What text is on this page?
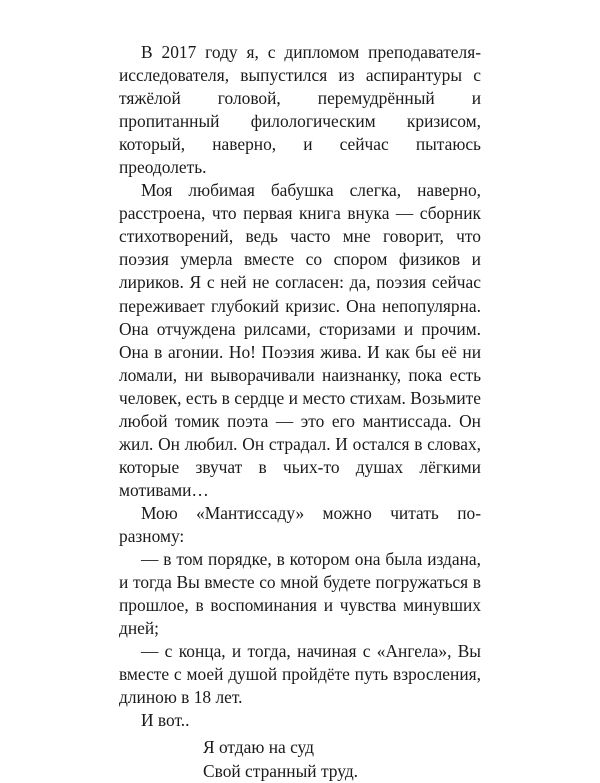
В 2017 году я, с дипломом преподавателя-исследователя, выпустился из аспирантуры с тяжёлой головой, перемудрённый и пропитанный филологическим кризисом, который, наверно, и сейчас пытаюсь преодолеть.

Моя любимая бабушка слегка, наверно, расстроена, что первая книга внука — сборник стихотворений, ведь часто мне говорит, что поэзия умерла вместе со спором физиков и лириков. Я с ней не согласен: да, поэзия сейчас переживает глубокий кризис. Она непопулярна. Она отчуждена рилсами, сторизами и прочим. Она в агонии. Но! Поэзия жива. И как бы её ни ломали, ни выворачивали наизнанку, пока есть человек, есть в сердце и место стихам. Возьмите любой томик поэта — это его мантиссада. Он жил. Он любил. Он страдал. И остался в словах, которые звучат в чьих-то душах лёгкими мотивами…

Мою «Мантиссаду» можно читать по-разному:

— в том порядке, в котором она была издана, и тогда Вы вместе со мной будете погружаться в прошлое, в воспоминания и чувства минувших дней;

— с конца, и тогда, начиная с «Ангела», Вы вместе с моей душой пройдёте путь взросления, длиною в 18 лет.

И вот..

Я отдаю на суд
Свой странный труд.
